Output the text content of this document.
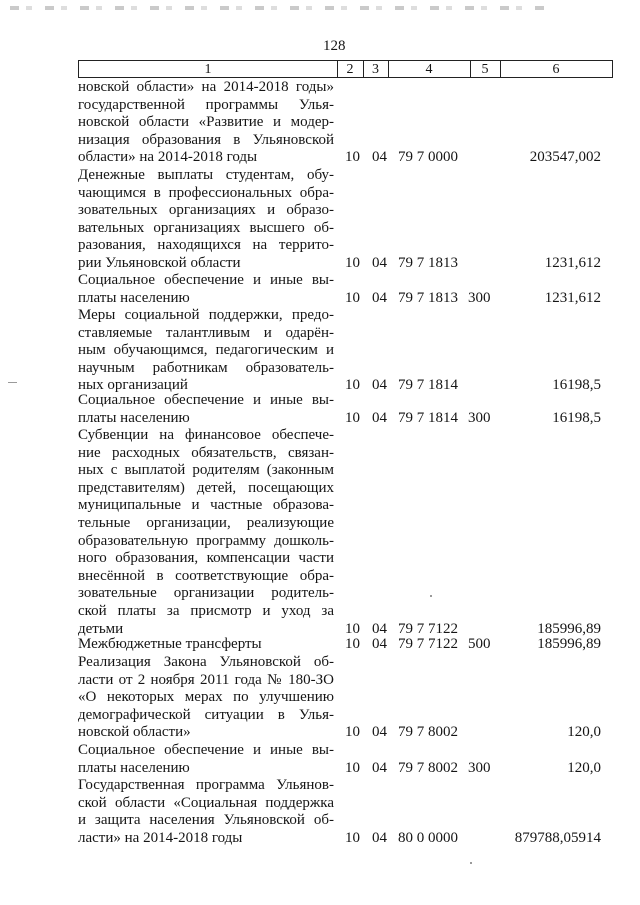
128
1	2	3	4	5	6
новской области» на 2014-2018 годы»
государственной программы Улья-
новской области «Развитие и модер-
низация образования в Ульяновской
области» на 2014-2018 годы	10 04 79 7 0000	203547,002
Денежные выплаты студентам, обу-
чающимся в профессиональных обра-
зовательных организациях и образо-
вательных организациях высшего об-
разования, находящихся на террито-
рии Ульяновской области	10 04 79 7 1813	1231,612
Социальное обеспечение и иные вы-
платы населению	10 04 79 7 1813 300	1231,612
Меры социальной поддержки, предо-
ставляемые талантливым и одарён-
ным обучающимся, педагогическим и
научным работникам образователь-
ных организаций	10 04 79 7 1814	16198,5
Социальное обеспечение и иные вы-
платы населению	10 04 79 7 1814 300	16198,5
Субвенции на финансовое обеспече-
ние расходных обязательств, связан-
ных с выплатой родителям (законным
представителям) детей, посещающих
муниципальные и частные образова-
тельные организации, реализующие
образовательную программу дошколь-
ного образования, компенсации части
внесённой в соответствующие обра-
зовательные организации родитель-
ской платы за присмотр и уход за
детьми	10 04 79 7 7122	185996,89
Межбюджетные трансферты	10 04 79 7 7122 500	185996,89
Реализация Закона Ульяновской об-
ласти от 2 ноября 2011 года № 180-ЗО
«О некоторых мерах по улучшению
демографической ситуации в Улья-
новской области»	10 04 79 7 8002	120,0
Социальное обеспечение и иные вы-
платы населению	10 04 79 7 8002 300	120,0
Государственная программа Ульянов-
ской области «Социальная поддержка
и защита населения Ульяновской об-
ласти» на 2014-2018 годы	10 04 80 0 0000	879788,05914
